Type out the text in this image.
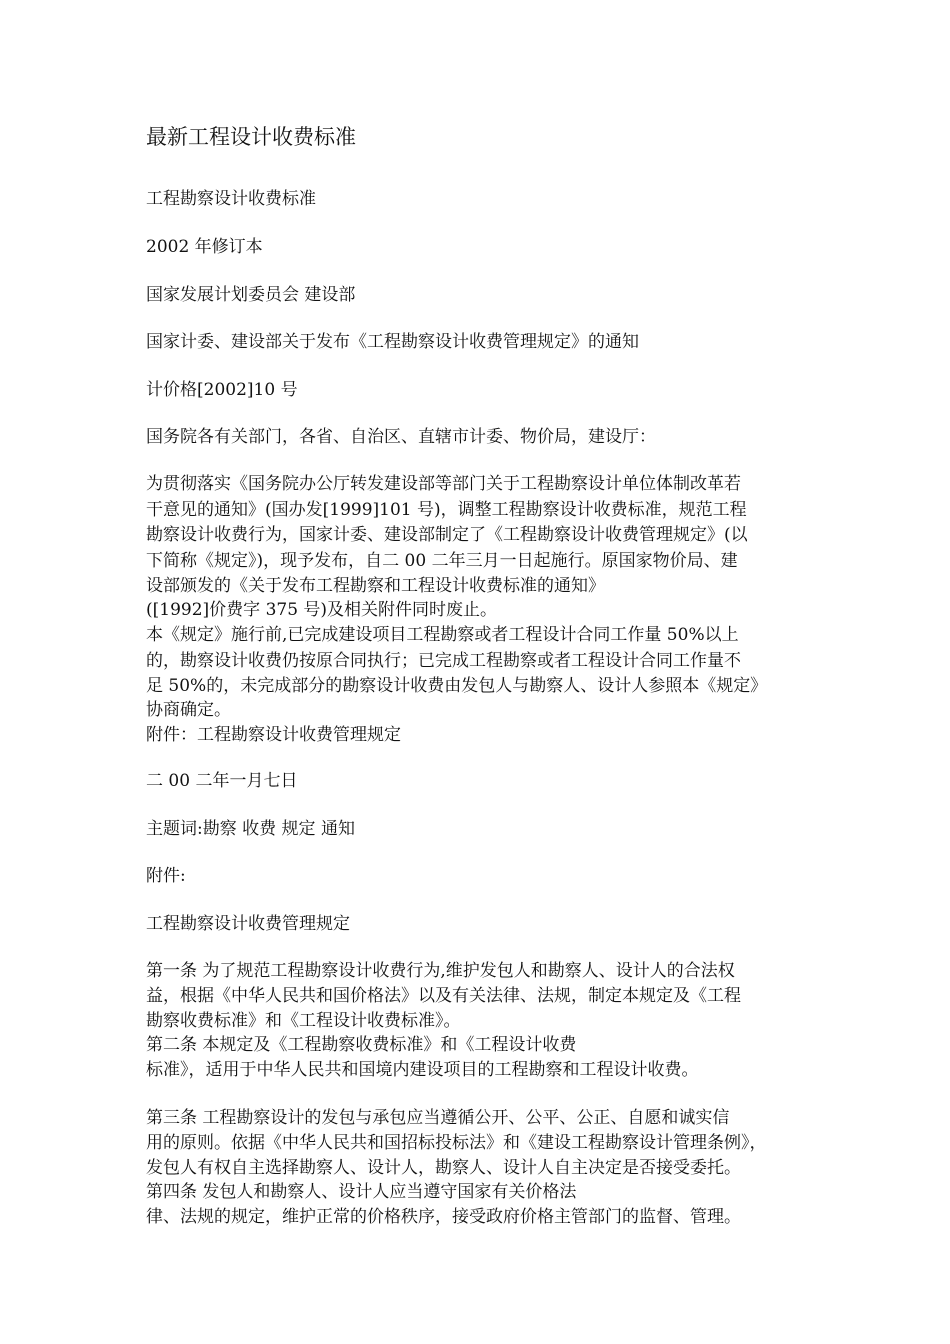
最新工程设计收费标准
工程勘察设计收费标准
2002 年修订本
国家发展计划委员会 建设部
国家计委、建设部关于发布《工程勘察设计收费管理规定》的通知
计价格[2002]10 号
国务院各有关部门，各省、自治区、直辖市计委、物价局，建设厅：
为贯彻落实《国务院办公厅转发建设部等部门关于工程勘察设计单位体制改革若
干意见的通知》(国办发[1999]101 号)，调整工程勘察设计收费标准，规范工程
勘察设计收费行为，国家计委、建设部制定了《工程勘察设计收费管理规定》(以
下简称《规定》)，现予发布，自二 00 二年三月一日起施行。原国家物价局、建
设部颁发的《关于发布工程勘察和工程设计收费标准的通知》
([1992]价费字 375 号)及相关附件同时废止。
本《规定》施行前,已完成建设项目工程勘察或者工程设计合同工作量 50%以上
的，勘察设计收费仍按原合同执行；已完成工程勘察或者工程设计合同工作量不
足 50%的，未完成部分的勘察设计收费由发包人与勘察人、设计人参照本《规定》
协商确定。
附件：工程勘察设计收费管理规定
二 00 二年一月七日
主题词:勘察 收费 规定 通知
附件:
工程勘察设计收费管理规定
第一条 为了规范工程勘察设计收费行为,维护发包人和勘察人、设计人的合法权
益，根据《中华人民共和国价格法》以及有关法律、法规，制定本规定及《工程
勘察收费标准》和《工程设计收费标准》。
第二条 本规定及《工程勘察收费标准》和《工程设计收费
标准》，适用于中华人民共和国境内建设项目的工程勘察和工程设计收费。
第三条 工程勘察设计的发包与承包应当遵循公开、公平、公正、自愿和诚实信
用的原则。依据《中华人民共和国招标投标法》和《建设工程勘察设计管理条例》，
发包人有权自主选择勘察人、设计人，勘察人、设计人自主决定是否接受委托。
第四条 发包人和勘察人、设计人应当遵守国家有关价格法
律、法规的规定，维护正常的价格秩序，接受政府价格主管部门的监督、管理。
